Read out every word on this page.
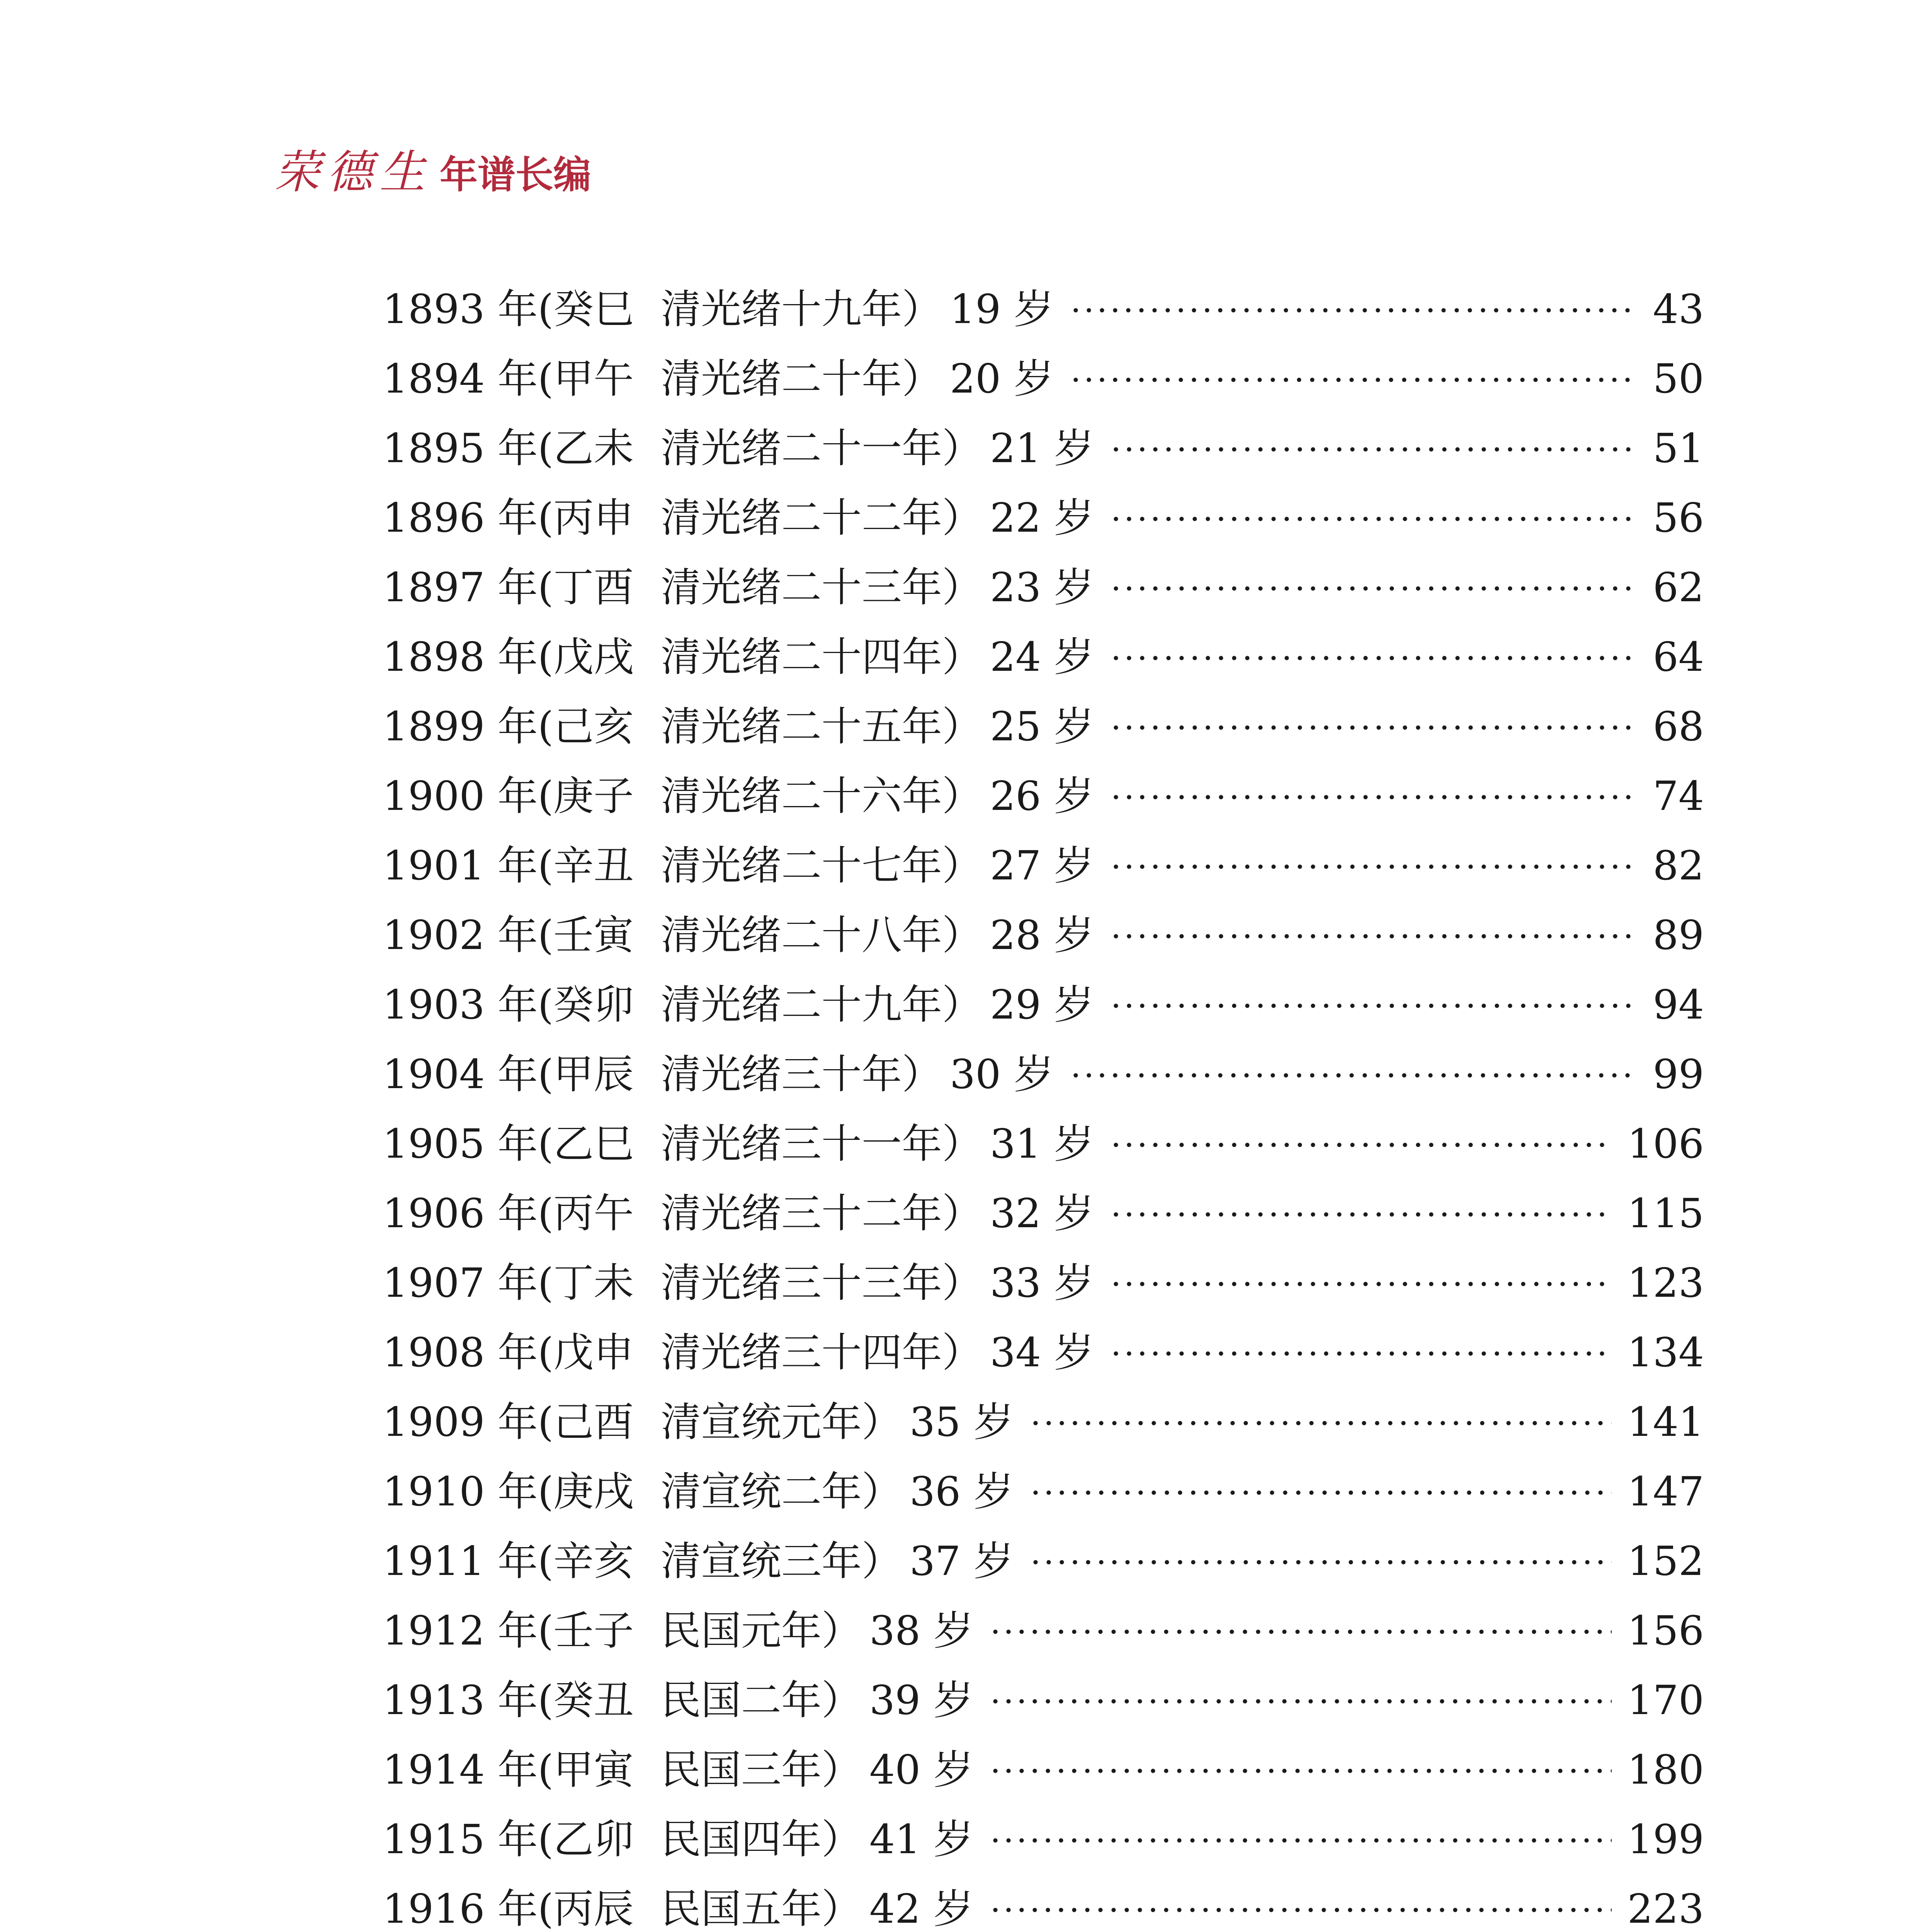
荣德生 年谱长编
1893 年(癸巳 清光绪十九年） 19 岁	43
1894 年(甲午 清光绪二十年） 20 岁	50
1895 年(乙未 清光绪二十一年） 21 岁	51
1896 年(丙申 清光绪二十二年） 22 岁	56
1897 年(丁酉 清光绪二十三年） 23 岁	62
1898 年(戊戌 清光绪二十四年） 24 岁	64
1899 年(己亥 清光绪二十五年） 25 岁	68
1900 年(庚子 清光绪二十六年） 26 岁	74
1901 年(辛丑 清光绪二十七年） 27 岁	82
1902 年(壬寅 清光绪二十八年） 28 岁	89
1903 年(癸卯 清光绪二十九年） 29 岁	94
1904 年(甲辰 清光绪三十年） 30 岁	99
1905 年(乙巳 清光绪三十一年） 31 岁	106
1906 年(丙午 清光绪三十二年） 32 岁	115
1907 年(丁未 清光绪三十三年） 33 岁	123
1908 年(戊申 清光绪三十四年） 34 岁	134
1909 年(己酉 清宣统元年） 35 岁	141
1910 年(庚戌 清宣统二年） 36 岁	147
1911 年(辛亥 清宣统三年） 37 岁	152
1912 年(壬子 民国元年） 38 岁	156
1913 年(癸丑 民国二年） 39 岁	170
1914 年(甲寅 民国三年） 40 岁	180
1915 年(乙卯 民国四年） 41 岁	199
1916 年(丙辰 民国五年） 42 岁	223
